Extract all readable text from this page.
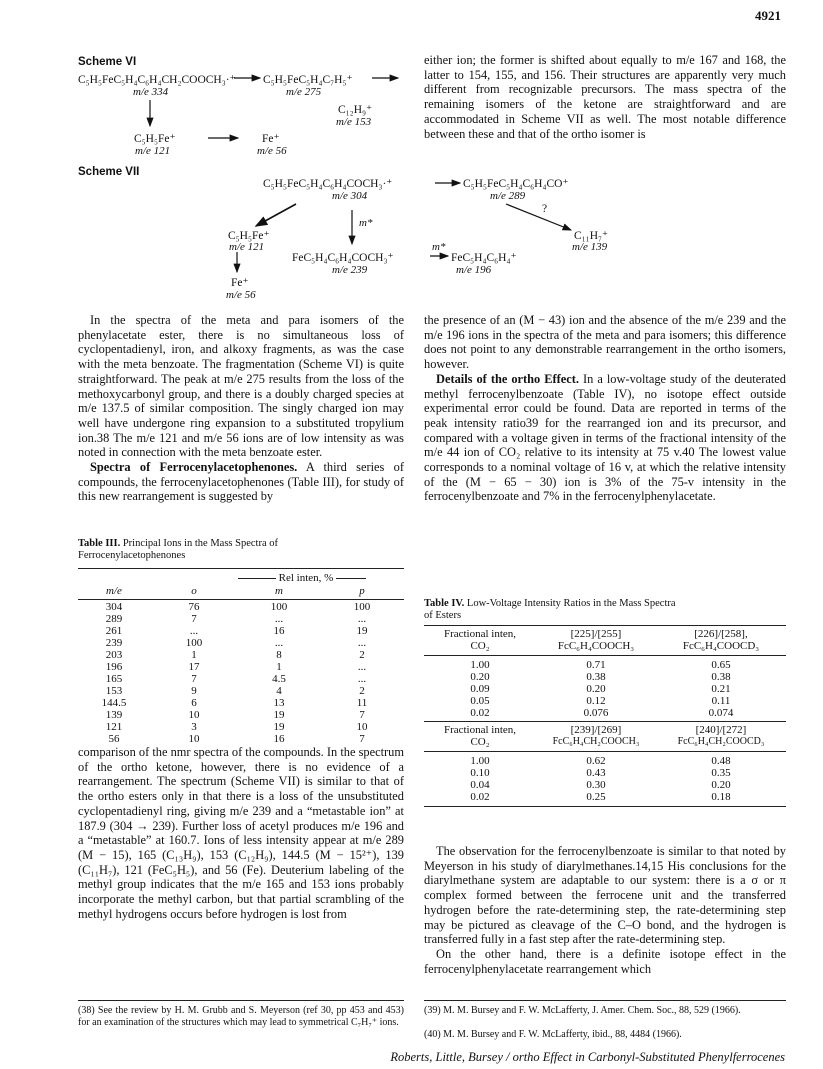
4921
Scheme VI
C₅H₅FeC₅H₄C₆H₄CH₂COOCH₃·⁺
m/e 334
C₅H₅FeC₅H₄C₇H₅⁺
m/e 275
C₁₂H₉⁺
m/e 153
C₅H₅Fe⁺
m/e 121
Fe⁺
m/e 56

either ion; the former is shifted about equally to m/e 167 and 168, the latter to 154, 155, and 156. Their structures are apparently very much different from recognizable precursors. The mass spectra of the remaining isomers of the ketone are straightforward and are accommodated in Scheme VII as well. The most notable difference between these and that of the ortho isomer is

Scheme VII
C₅H₅FeC₅H₄C₆H₄COCH₃·⁺
m/e 304
C₅H₅FeC₅H₄C₆H₄CO⁺
m/e 289
?
C₅H₅Fe⁺
m/e 121
m*
m*
C₁₁H₇⁺
m/e 139
FeC₅H₄C₆H₄COCH₃⁺
m/e 239
FeC₅H₄C₆H₄⁺
m/e 196
Fe⁺
m/e 56

In the spectra of the meta and para isomers of the phenylacetate ester, there is no simultaneous loss of cyclopentadienyl, iron, and alkoxy fragments, as was the case with the meta benzoate. The fragmentation (Scheme VI) is quite straightforward. The peak at m/e 275 results from the loss of the methoxycarbonyl group, and there is a doubly charged species at m/e 137.5 of similar composition. The singly charged ion may well have undergone ring expansion to a substituted tropylium ion.38 The m/e 121 and m/e 56 ions are of low intensity as was noted in connection with the meta benzoate ester.

Spectra of Ferrocenylacetophenones. A third series of compounds, the ferrocenylacetophenones (Table III), for study of this new rearrangement is suggested by

Table III. Principal Ions in the Mass Spectra of Ferrocenylacetophenones
Rel inten, %
m/e	o	m	p
304	76	100	100
289	7	...	...
261	...	16	19
239	100	...	...
203	1	8	2
196	17	1	...
165	7	4.5	...
153	9	4	2
144.5	6	13	11
139	10	19	7
121	3	19	10
56	10	16	7

comparison of the nmr spectra of the compounds. In the spectrum of the ortho ketone, however, there is no evidence of a rearrangement. The spectrum (Scheme VII) is similar to that of the ortho esters only in that there is a loss of the unsubstituted cyclopentadienyl ring, giving m/e 239 and a “metastable ion” at 187.9 (304 → 239). Further loss of acetyl produces m/e 196 and a “metastable” at 160.7. Ions of less intensity appear at m/e 289 (M − 15), 165 (C₁₃H₉), 153 (C₁₂H₉), 144.5 (M − 15²⁺), 139 (C₁₁H₇), 121 (FeC₅H₅), and 56 (Fe). Deuterium labeling of the methyl group indicates that the m/e 165 and 153 ions probably incorporate the methyl carbon, but that partial scrambling of the methyl hydrogens occurs before hydrogen is lost from

(38) See the review by H. M. Grubb and S. Meyerson (ref 30, pp 453 and 453) for an examination of the structures which may lead to symmetrical C₇H₇⁺ ions.

the presence of an (M − 43) ion and the absence of the m/e 239 and the m/e 196 ions in the spectra of the meta and para isomers; this difference does not point to any demonstrable rearrangement in the ortho isomers, however.

Details of the ortho Effect. In a low-voltage study of the deuterated methyl ferrocenylbenzoate (Table IV), no isotope effect outside experimental error could be found. Data are reported in terms of the peak intensity ratio39 for the rearranged ion and its precursor, and compared with a voltage given in terms of the fractional intensity of the m/e 44 ion of CO₂ relative to its intensity at 75 v.40 The lowest value corresponds to a nominal voltage of 16 v, at which the relative intensity of the (M − 65 − 30) ion is 3% of the 75-v intensity in the ferrocenylbenzoate and 7% in the ferrocenylphenylacetate.

Table IV. Low-Voltage Intensity Ratios in the Mass Spectra of Esters
Fractional inten,	[225]/[255]	[226]/[258],
CO₂	FcC₆H₄COOCH₃	FcC₆H₄COOCD₃
1.00	0.71	0.65
0.20	0.38	0.38
0.09	0.20	0.21
0.05	0.12	0.11
0.02	0.076	0.074
Fractional inten,	[239]/[269]	[240]/[272]
CO₂	FcC₆H₄CH₂COOCH₃	FcC₆H₄CH₂COOCD₃
1.00	0.62	0.48
0.10	0.43	0.35
0.04	0.30	0.20
0.02	0.25	0.18

The observation for the ferrocenylbenzoate is similar to that noted by Meyerson in his study of diarylmethanes.14,15 His conclusions for the diarylmethane system are adaptable to our system: there is a σ or π complex formed between the ferrocene unit and the transferred hydrogen before the rate-determining step, the rate-determining step may be pictured as cleavage of the C–O bond, and the hydrogen is transferred fully in a fast step after the rate-determining step.

On the other hand, there is a definite isotope effect in the ferrocenylphenylacetate rearrangement which

(39) M. M. Bursey and F. W. McLafferty, J. Amer. Chem. Soc., 88, 529 (1966).
(40) M. M. Bursey and F. W. McLafferty, ibid., 88, 4484 (1966).
Roberts, Little, Bursey / ortho Effect in Carbonyl-Substituted Phenylferrocenes
